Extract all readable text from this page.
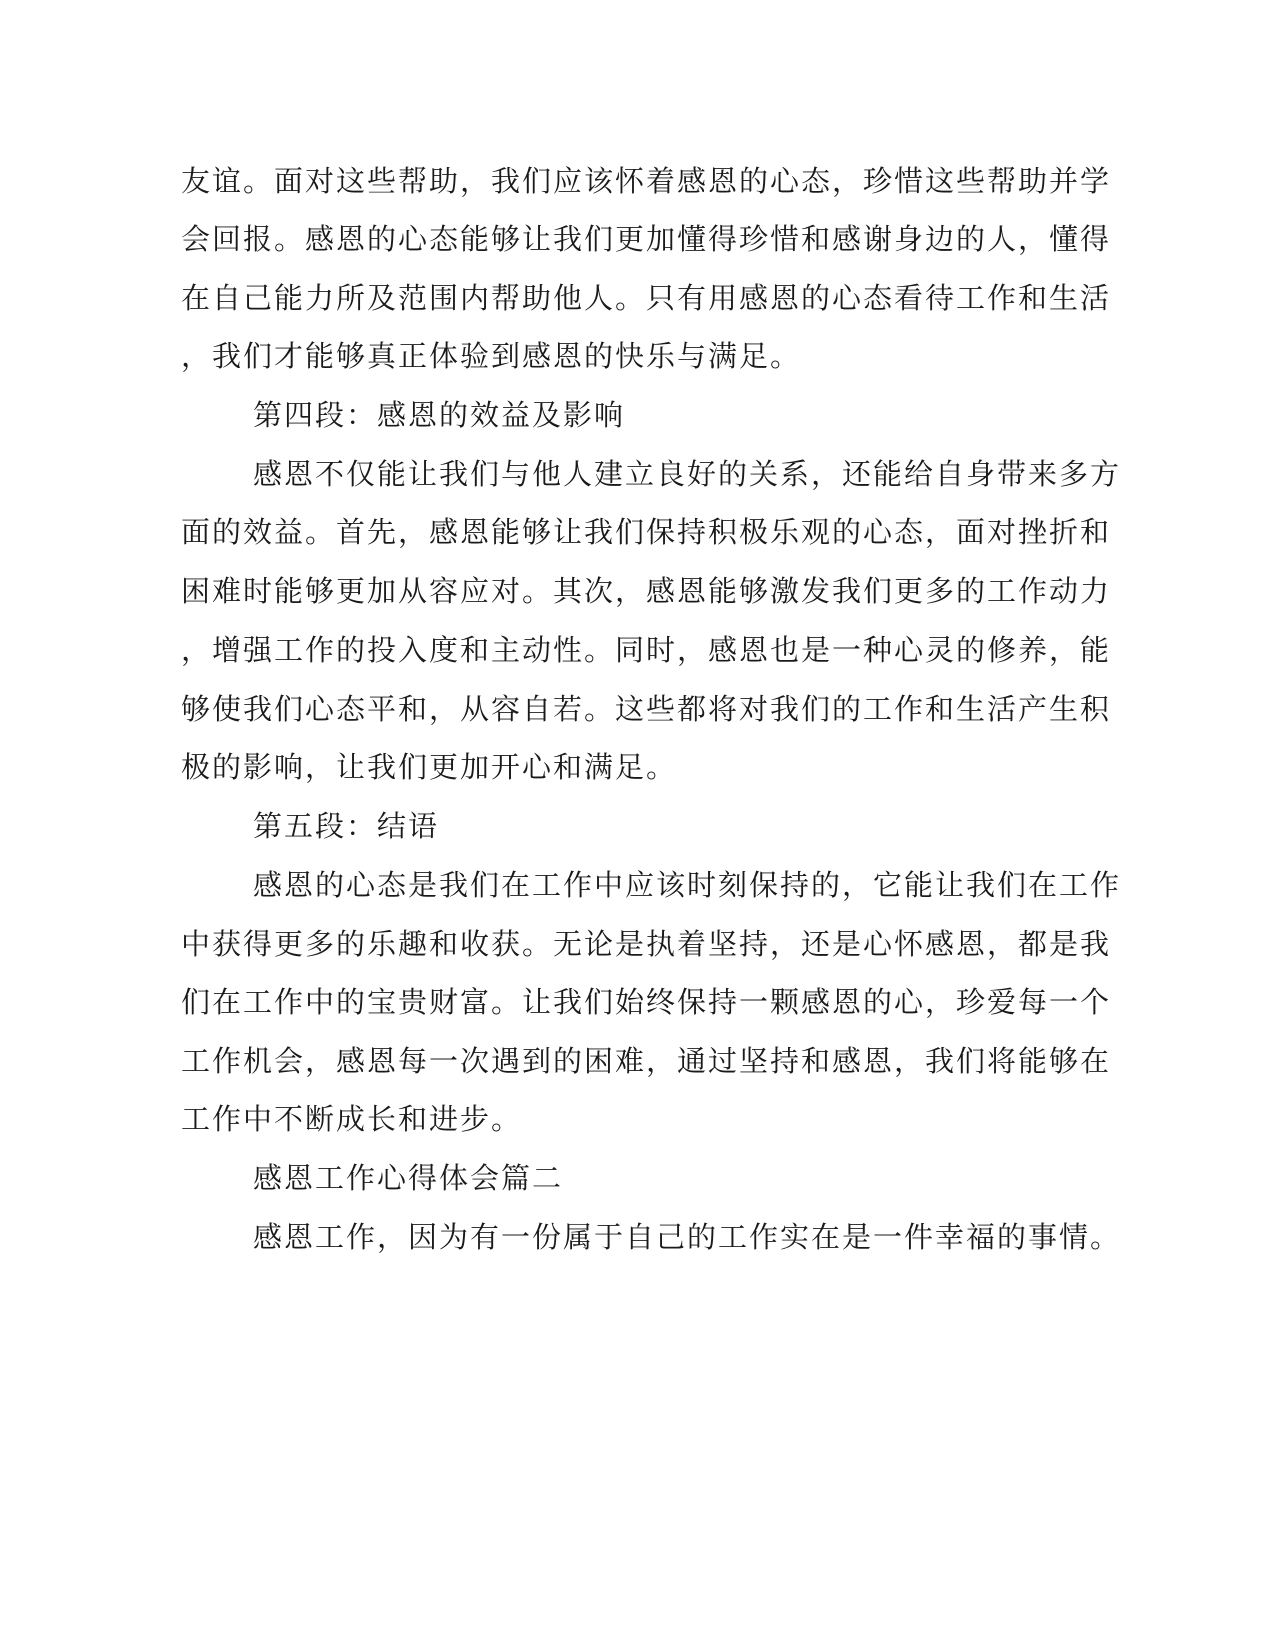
友谊。面对这些帮助，我们应该怀着感恩的心态，珍惜这些帮助并学
会回报。感恩的心态能够让我们更加懂得珍惜和感谢身边的人，懂得
在自己能力所及范围内帮助他人。只有用感恩的心态看待工作和生活
，我们才能够真正体验到感恩的快乐与满足。
第四段：感恩的效益及影响
感恩不仅能让我们与他人建立良好的关系，还能给自身带来多方
面的效益。首先，感恩能够让我们保持积极乐观的心态，面对挫折和
困难时能够更加从容应对。其次，感恩能够激发我们更多的工作动力
，增强工作的投入度和主动性。同时，感恩也是一种心灵的修养，能
够使我们心态平和，从容自若。这些都将对我们的工作和生活产生积
极的影响，让我们更加开心和满足。
第五段：结语
感恩的心态是我们在工作中应该时刻保持的，它能让我们在工作
中获得更多的乐趣和收获。无论是执着坚持，还是心怀感恩，都是我
们在工作中的宝贵财富。让我们始终保持一颗感恩的心，珍爱每一个
工作机会，感恩每一次遇到的困难，通过坚持和感恩，我们将能够在
工作中不断成长和进步。
感恩工作心得体会篇二
感恩工作，因为有一份属于自己的工作实在是一件幸福的事情。
